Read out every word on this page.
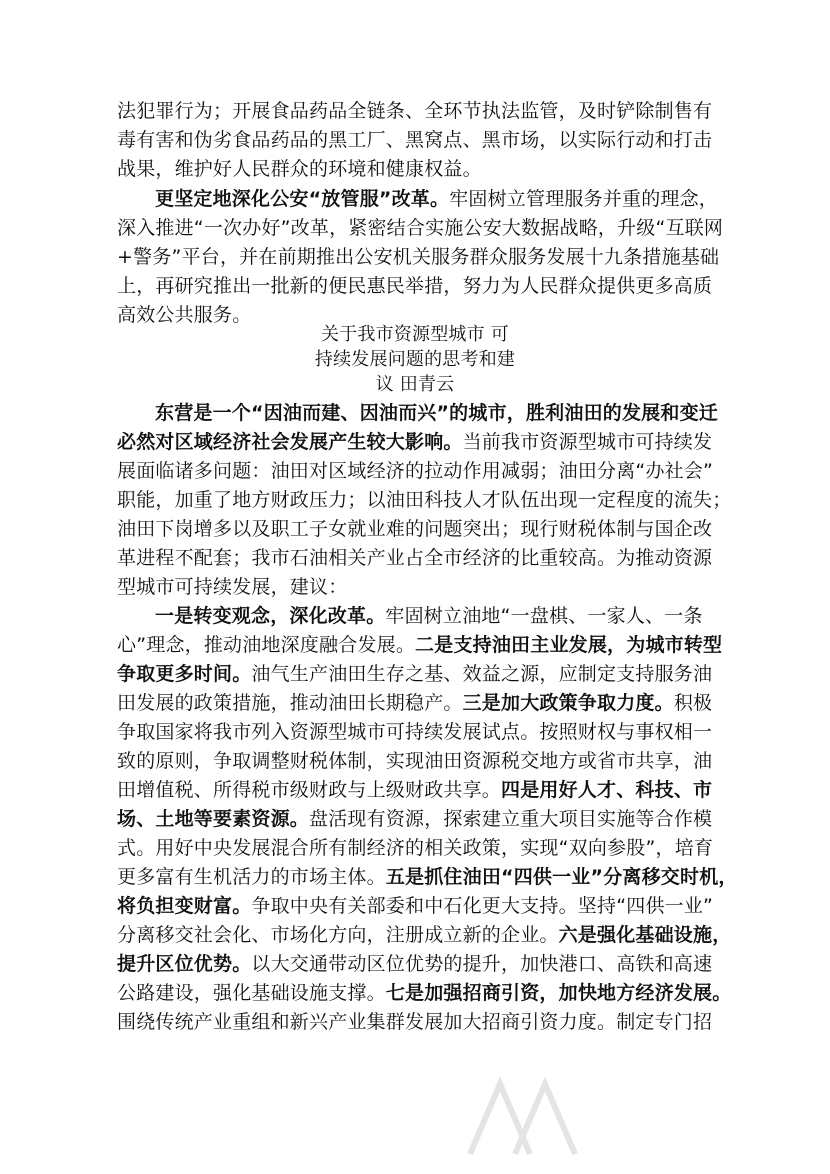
法犯罪行为；开展食品药品全链条、全环节执法监管，及时铲除制售有
毒有害和伪劣食品药品的黑工厂、黑窝点、黑市场，以实际行动和打击
战果，维护好人民群众的环境和健康权益。
更坚定地深化公安“放管服”改革。牢固树立管理服务并重的理念，
深入推进“一次办好”改革，紧密结合实施公安大数据战略，升级“互联网
+警务”平台，并在前期推出公安机关服务群众服务发展十九条措施基础
上，再研究推出一批新的便民惠民举措，努力为人民群众提供更多高质
高效公共服务。
关于我市资源型城市 可
持续发展问题的思考和建
议 田青云
东营是一个“因油而建、因油而兴”的城市，胜利油田的发展和变迁
必然对区域经济社会发展产生较大影响。当前我市资源型城市可持续发
展面临诸多问题：油田对区域经济的拉动作用减弱；油田分离“办社会”
职能，加重了地方财政压力；以油田科技人才队伍出现一定程度的流失；
油田下岗增多以及职工子女就业难的问题突出；现行财税体制与国企改
革进程不配套；我市石油相关产业占全市经济的比重较高。为推动资源
型城市可持续发展，建议：
一是转变观念，深化改革。牢固树立油地“一盘棋、一家人、一条
心”理念，推动油地深度融合发展。二是支持油田主业发展，为城市转型
争取更多时间。油气生产油田生存之基、效益之源，应制定支持服务油
田发展的政策措施，推动油田长期稳产。三是加大政策争取力度。积极
争取国家将我市列入资源型城市可持续发展试点。按照财权与事权相一
致的原则，争取调整财税体制，实现油田资源税交地方或省市共享，油
田增值税、所得税市级财政与上级财政共享。四是用好人才、科技、市
场、土地等要素资源。盘活现有资源，探索建立重大项目实施等合作模
式。用好中央发展混合所有制经济的相关政策，实现“双向参股”，培育
更多富有生机活力的市场主体。五是抓住油田“四供一业”分离移交时机，
将负担变财富。争取中央有关部委和中石化更大支持。坚持“四供一业”
分离移交社会化、市场化方向，注册成立新的企业。六是强化基础设施，
提升区位优势。以大交通带动区位优势的提升，加快港口、高铁和高速
公路建设，强化基础设施支撑。七是加强招商引资，加快地方经济发展。
围绕传统产业重组和新兴产业集群发展加大招商引资力度。制定专门招
